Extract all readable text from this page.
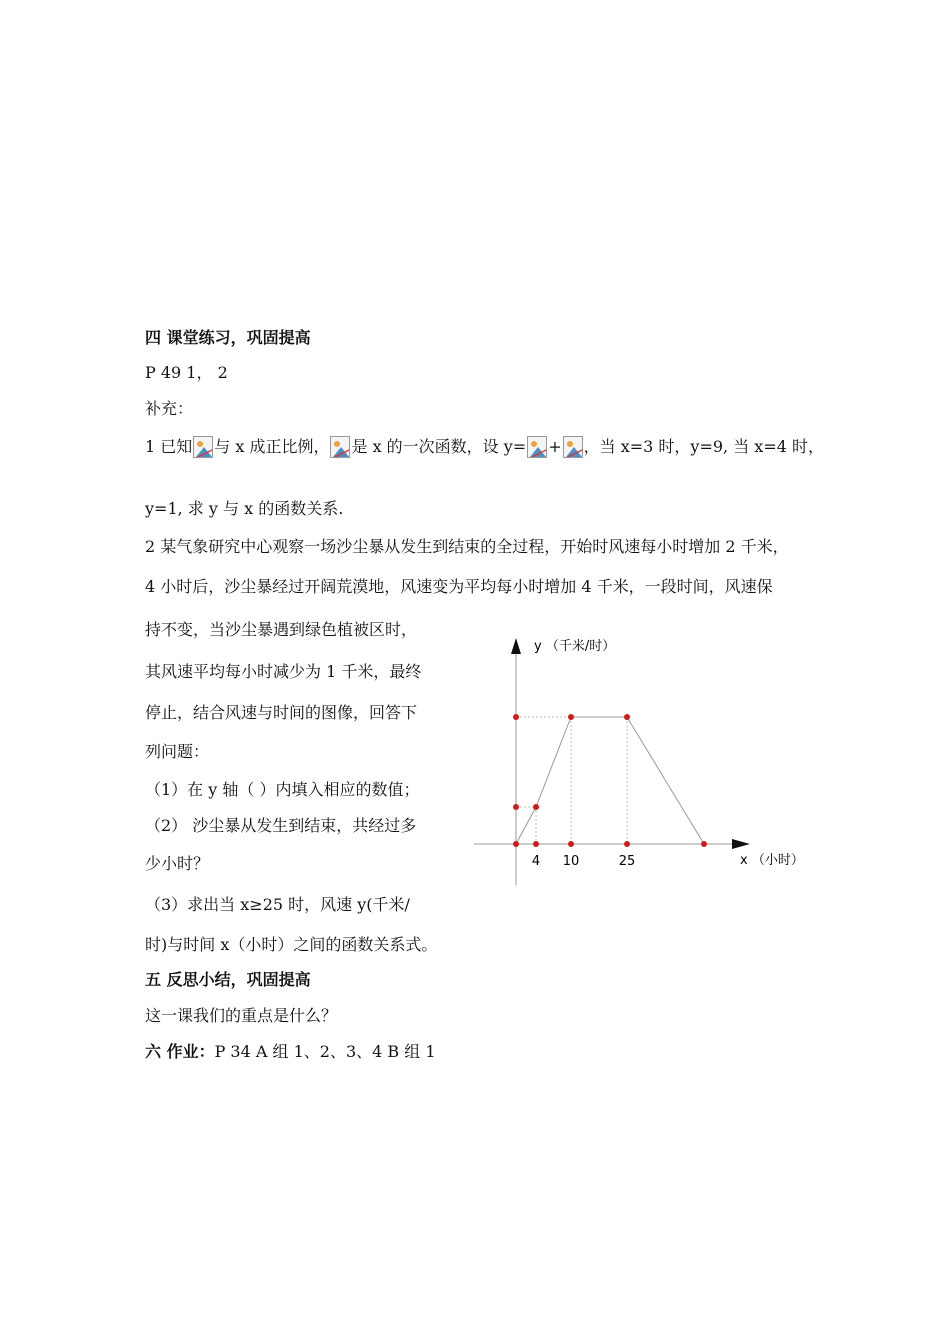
四 课堂练习，巩固提高
P 49 1， 2
补充：
1 已知 与 x 成正比例， 是 x 的一次函数，设 y= + ，当 x=3 时，y=9, 当 x=4 时，
y=1, 求 y 与 x 的函数关系.
2 某气象研究中心观察一场沙尘暴从发生到结束的全过程，开始时风速每小时增加 2 千米，
4 小时后，沙尘暴经过开阔荒漠地，风速变为平均每小时增加 4 千米，一段时间，风速保
持不变，当沙尘暴遇到绿色植被区时，
其风速平均每小时减少为 1 千米，最终
停止，结合风速与时间的图像，回答下
列问题：
（1）在 y 轴（ ）内填入相应的数值；
（2） 沙尘暴从发生到结束，共经过多
少小时？
（3）求出当 x≥25 时，风速 y(千米/
时)与时间 x（小时）之间的函数关系式。
五 反思小结，巩固提高
这一课我们的重点是什么？
六 作业：P 34 A 组 1、2、3、4 B 组 1
y （千米/时）
x （小时）
4 10	25
